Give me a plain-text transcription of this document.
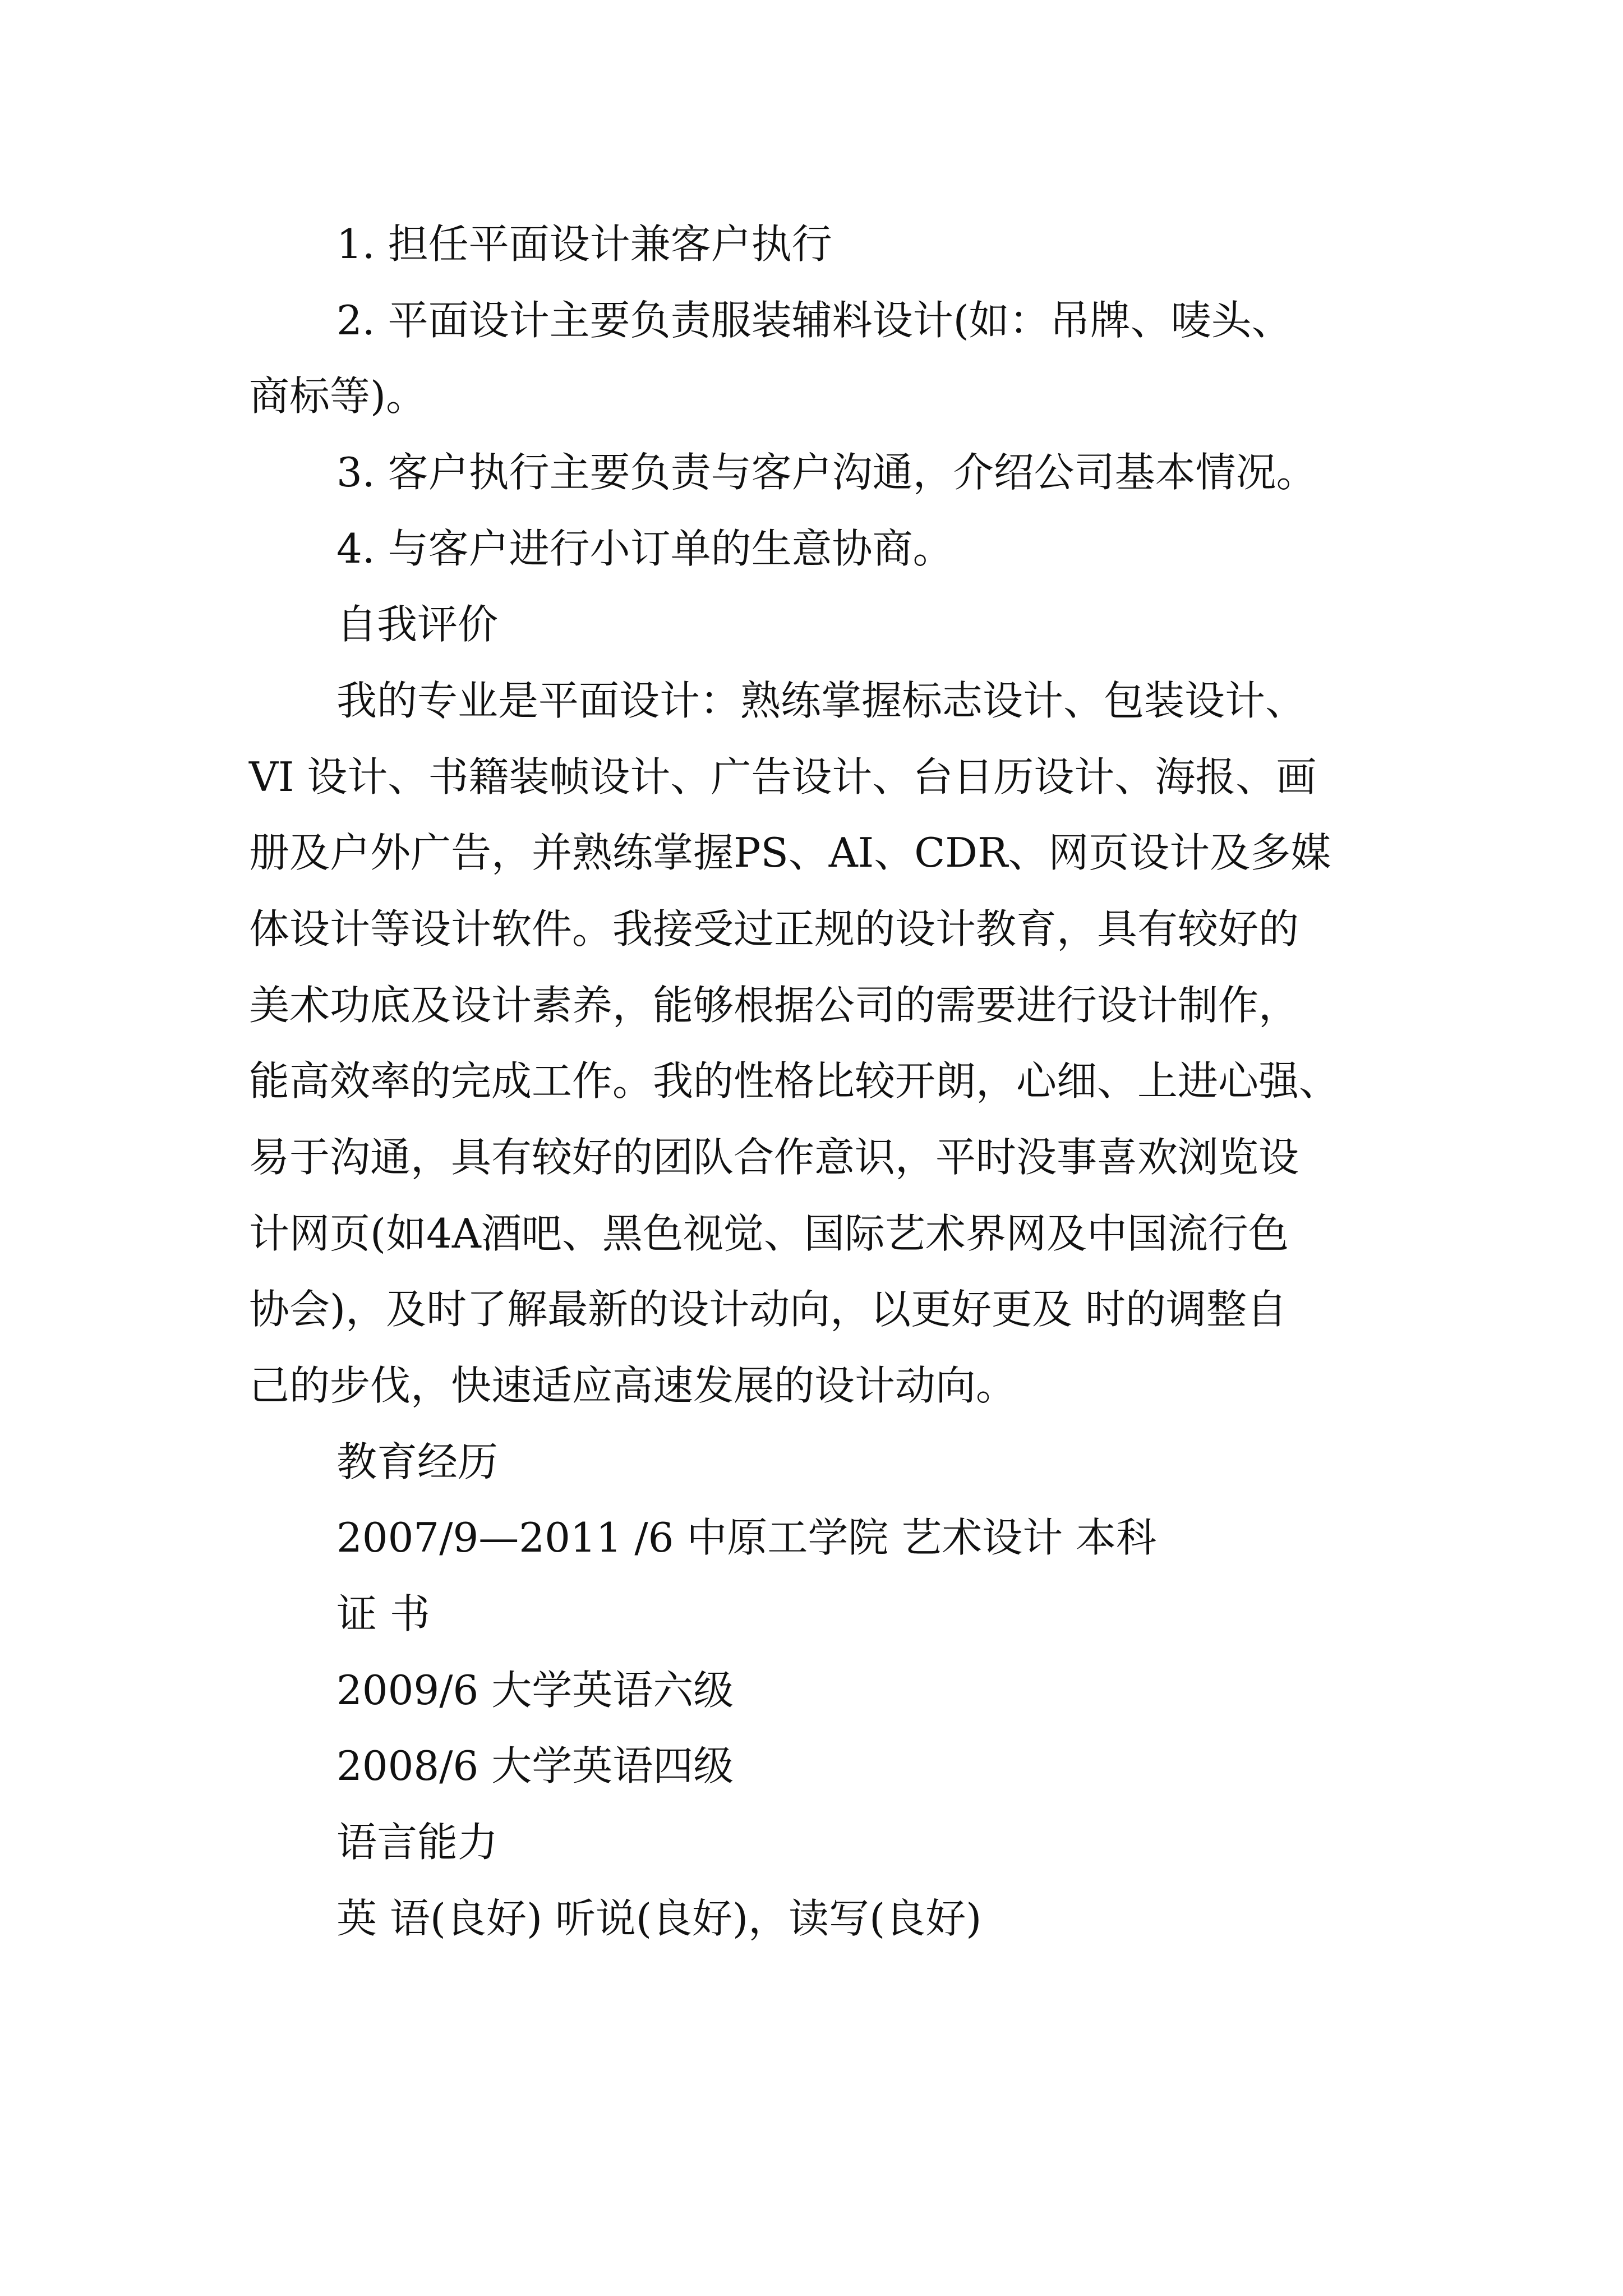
1. 担任平面设计兼客户执行

2. 平面设计主要负责服装辅料设计(如：吊牌、唛头、

商标等)。

3. 客户执行主要负责与客户沟通，介绍公司基本情况。

4. 与客户进行小订单的生意协商。

自我评价

我的专业是平面设计：熟练掌握标志设计、包装设计、

VI 设计、书籍装帧设计、广告设计、台日历设计、海报、画

册及户外广告，并熟练掌握PS、AI、CDR、网页设计及多媒

体设计等设计软件。我接受过正规的设计教育，具有较好的

美术功底及设计素养，能够根据公司的需要进行设计制作，

能高效率的完成工作。我的性格比较开朗，心细、上进心强、

易于沟通，具有较好的团队合作意识，平时没事喜欢浏览设

计网页(如4A酒吧、黑色视觉、国际艺术界网及中国流行色

协会)，及时了解最新的设计动向，以更好更及 时的调整自

己的步伐，快速适应高速发展的设计动向。

教育经历

2007/9—2011 /6 中原工学院 艺术设计 本科

证 书

2009/6 大学英语六级

2008/6 大学英语四级

语言能力

英 语(良好) 听说(良好)，读写(良好)
